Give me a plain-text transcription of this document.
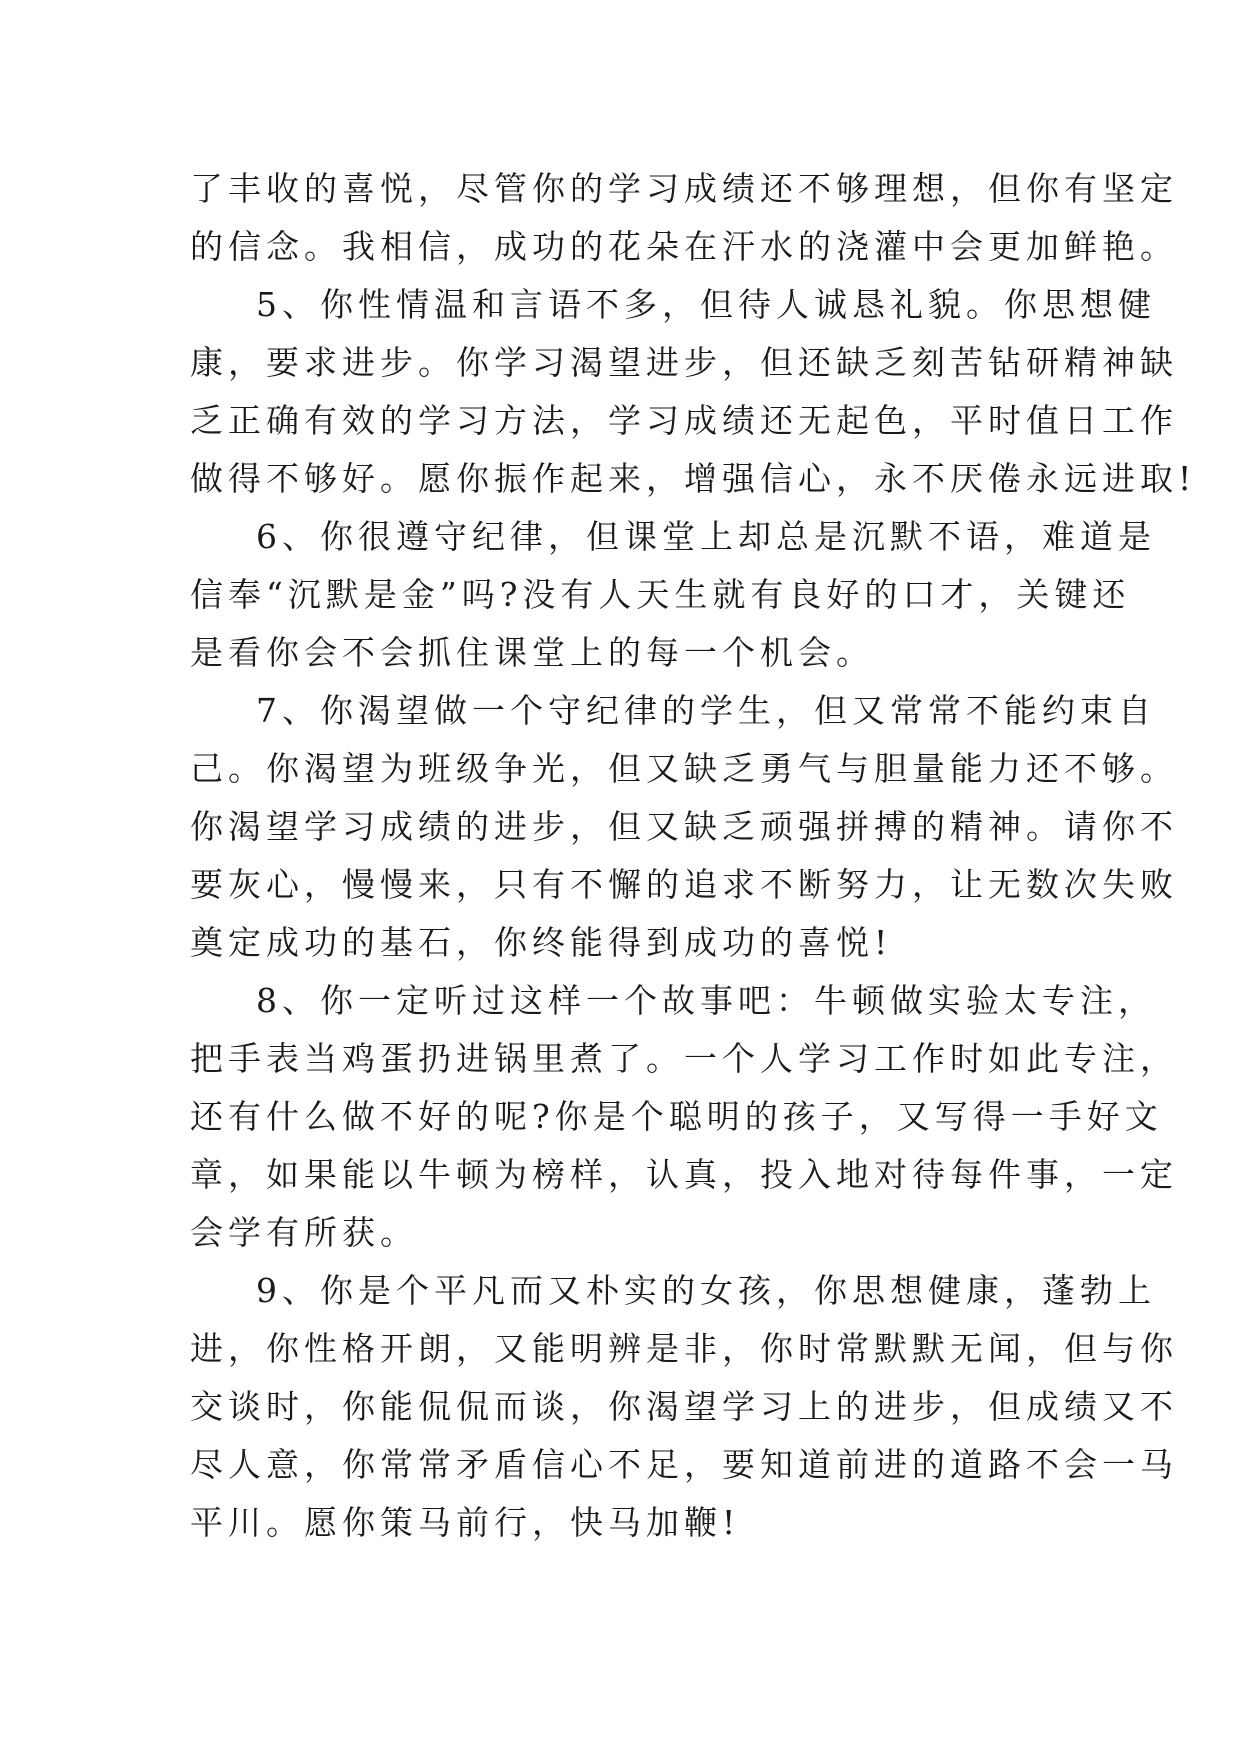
了丰收的喜悦，尽管你的学习成绩还不够理想，但你有坚定
的信念。我相信，成功的花朵在汗水的浇灌中会更加鲜艳。
5、你性情温和言语不多，但待人诚恳礼貌。你思想健
康，要求进步。你学习渴望进步，但还缺乏刻苦钻研精神缺
乏正确有效的学习方法，学习成绩还无起色，平时值日工作
做得不够好。愿你振作起来，增强信心，永不厌倦永远进取!
6、你很遵守纪律，但课堂上却总是沉默不语，难道是
信奉“沉默是金”吗?没有人天生就有良好的口才，关键还
是看你会不会抓住课堂上的每一个机会。
7、你渴望做一个守纪律的学生，但又常常不能约束自
己。你渴望为班级争光，但又缺乏勇气与胆量能力还不够。
你渴望学习成绩的进步，但又缺乏顽强拼搏的精神。请你不
要灰心，慢慢来，只有不懈的追求不断努力，让无数次失败
奠定成功的基石，你终能得到成功的喜悦!
8、你一定听过这样一个故事吧：牛顿做实验太专注，
把手表当鸡蛋扔进锅里煮了。一个人学习工作时如此专注，
还有什么做不好的呢?你是个聪明的孩子，又写得一手好文
章，如果能以牛顿为榜样，认真，投入地对待每件事，一定
会学有所获。
9、你是个平凡而又朴实的女孩，你思想健康，蓬勃上
进，你性格开朗，又能明辨是非，你时常默默无闻，但与你
交谈时，你能侃侃而谈，你渴望学习上的进步，但成绩又不
尽人意，你常常矛盾信心不足，要知道前进的道路不会一马
平川。愿你策马前行，快马加鞭!
